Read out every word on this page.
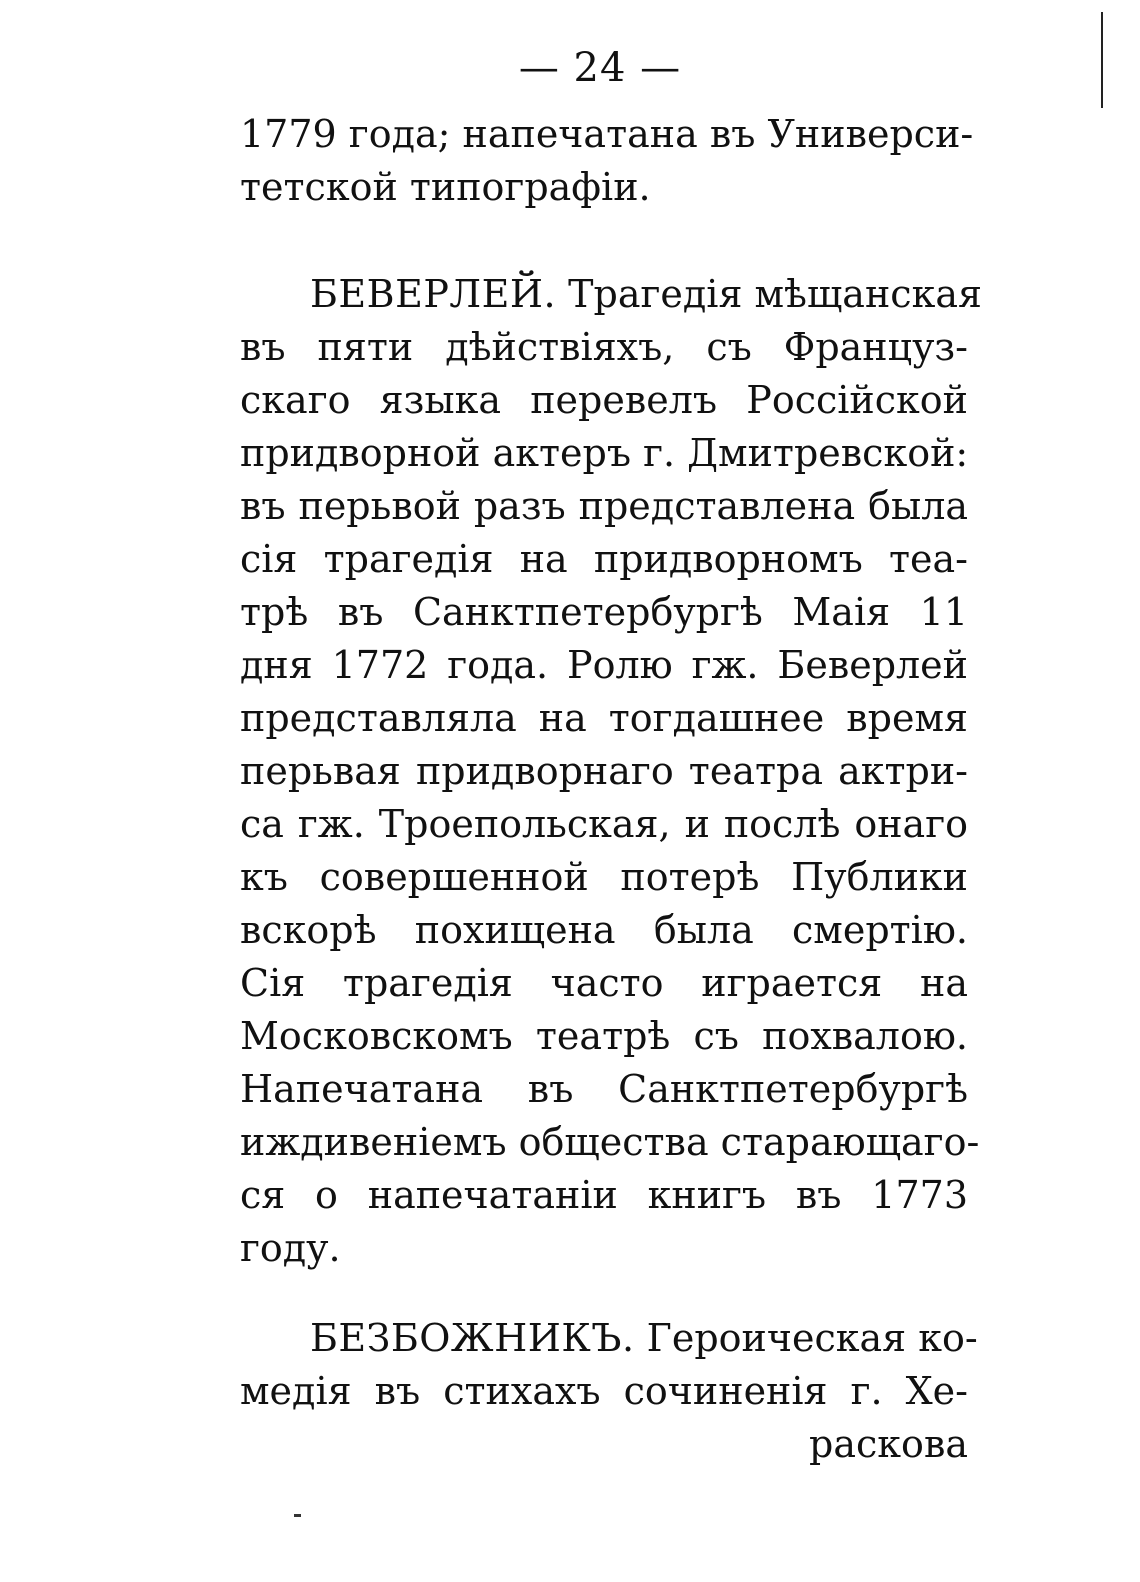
— 24 —
1779 года; напечатана въ Универси-
тетской типографіи.
БЕВЕРЛЕЙ. Трагедія мѣщанская
въ пяти дѣйствіяхъ, съ Француз-
скаго языка перевелъ Россійской
придворной актеръ г. Дмитревской:
въ перьвой разъ представлена была
сія трагедія на придворномъ теа-
трѣ въ Санктпетербургѣ Маія 11
дня 1772 года. Ролю гж. Беверлей
представляла на тогдашнее время
перьвая придворнаго театра актри-
са гж. Троепольская, и послѣ онаго
къ совершенной потерѣ Публики
вскорѣ похищена была смертію.
Сія трагедія часто играется на
Московскомъ театрѣ съ похвалою.
Напечатана въ Санктпетербургѣ
иждивеніемъ общества старающаго-
ся о напечатаніи книгъ въ 1773
году.
БЕЗБОЖНИКЪ. Героическая ко-
медія въ стихахъ сочиненія г. Хе-
раскова
